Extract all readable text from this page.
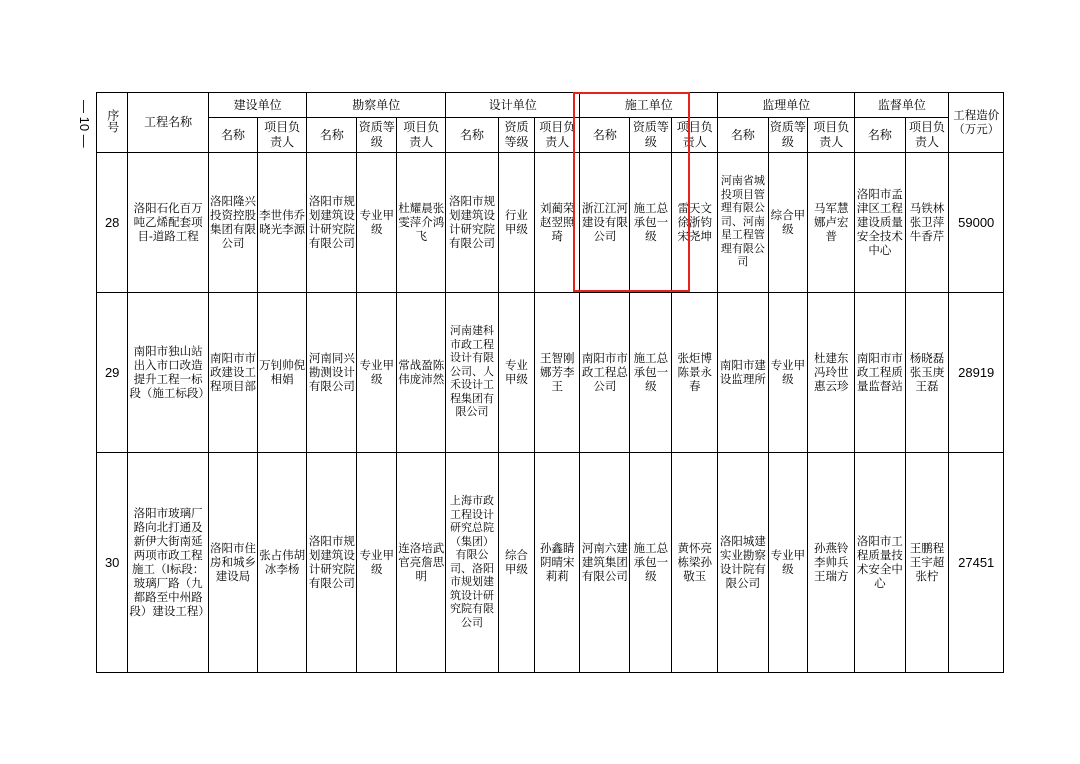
— 10 — 序号	工程名称	建设单位		勘察单位			设计单位			施工单位			监理单位			监督单位		工程造价（万元）

		名称	项目负责人	名称	资质等级	项目负责人	名称	资质等级	项目负责人	名称	资质等级	项目负责人	名称	资质等级	项目负责人	名称	项目负责人	
28	洛阳石化百万吨乙烯配套项目-道路工程	洛阳隆兴投资控股集团有限公司	李世伟乔晓光李源	洛阳市规划建筑设计研究院有限公司	专业甲级	杜耀晨张雯萍介鸿飞	洛阳市规划建筑设计研究院有限公司	行业甲级	刘蔺荣赵翌照琦	浙江江河建设有限公司	施工总承包一级	雷天文徐浙钧宋尧坤	河南省城投项目管理有限公司、河南星工程管理有限公司	综合甲级	马军慧娜卢宏普	洛阳市孟津区工程建设质量安全技术中心	马铁林张卫萍牛香芹	59000
29	南阳市独山站出入市口改造提升工程一标段（施工标段）	南阳市市政建设工程项目部	万钊帅倪相娟	河南同兴勘测设计有限公司	专业甲级	常战盈陈伟庞沛然	河南建科市政工程设计有限公司、人禾设计工程集团有限公司	专业甲级	王智刚娜芳李王	南阳市市政工程总公司	施工总承包一级	张炬博陈景永春	南阳市建设监理所	专业甲级	杜建东冯玲世惠云珍	南阳市市政工程质量监督站	杨晓磊张玉庚王磊	28919
30	洛阳市玻璃厂路向北打通及新伊大街南延两项市政工程施工（I标段：玻璃厂路（九都路至中州路段）建设工程）	洛阳市住房和城乡建设局	张占伟胡冰李杨	洛阳市规划建筑设计研究院有限公司	专业甲级	连洛培武官亮詹思明	上海市政工程设计研究总院（集团）有限公司、洛阳市规划建筑设计研究院有限公司	综合甲级	孙鑫睛阴晴宋莉莉	河南六建建筑集团有限公司	施工总承包一级	黄怀亮栋梁孙敬玉	洛阳城建实业勘察设计院有限公司	专业甲级	孙燕铃李帅兵王瑞方	洛阳市工程质量技术安全中心	王鹏程王宇超张柠	27451
